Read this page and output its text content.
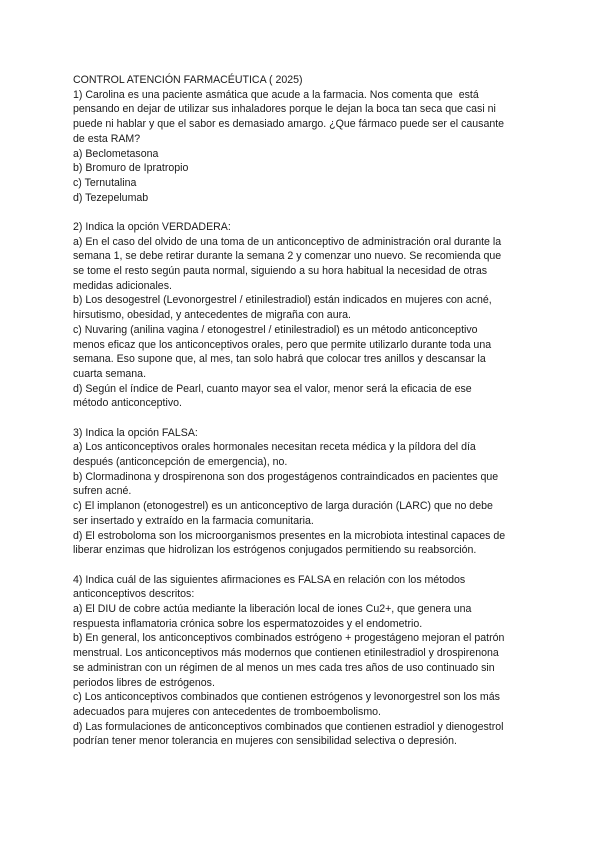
CONTROL ATENCIÓN FARMACÉUTICA ( 2025)
1) Carolina es una paciente asmática que acude a la farmacia. Nos comenta que  está
pensando en dejar de utilizar sus inhaladores porque le dejan la boca tan seca que casi ni
puede ni hablar y que el sabor es demasiado amargo. ¿Que fármaco puede ser el causante
de esta RAM?
a) Beclometasona
b) Bromuro de Ipratropio
c) Ternutalina
d) Tezepelumab
2) Indica la opción VERDADERA:
a) En el caso del olvido de una toma de un anticonceptivo de administración oral durante la
semana 1, se debe retirar durante la semana 2 y comenzar uno nuevo. Se recomienda que
se tome el resto según pauta normal, siguiendo a su hora habitual la necesidad de otras
medidas adicionales.
b) Los desogestrel (Levonorgestrel / etinilestradiol) están indicados en mujeres con acné,
hirsutismo, obesidad, y antecedentes de migraña con aura.
c) Nuvaring (anilina vagina / etonogestrel / etinilestradiol) es un método anticonceptivo
menos eficaz que los anticonceptivos orales, pero que permite utilizarlo durante toda una
semana. Eso supone que, al mes, tan solo habrá que colocar tres anillos y descansar la
cuarta semana.
d) Según el índice de Pearl, cuanto mayor sea el valor, menor será la eficacia de ese
método anticonceptivo.
3) Indica la opción FALSA:
a) Los anticonceptivos orales hormonales necesitan receta médica y la píldora del día
después (anticoncepción de emergencia), no.
b) Clormadinona y drospirenona son dos progestágenos contraindicados en pacientes que
sufren acné.
c) El implanon (etonogestrel) es un anticonceptivo de larga duración (LARC) que no debe
ser insertado y extraído en la farmacia comunitaria.
d) El estroboloma son los microorganismos presentes en la microbiota intestinal capaces de
liberar enzimas que hidrolizan los estrógenos conjugados permitiendo su reabsorción.
4) Indica cuál de las siguientes afirmaciones es FALSA en relación con los métodos
anticonceptivos descritos:
a) El DIU de cobre actúa mediante la liberación local de iones Cu2+, que genera una
respuesta inflamatoria crónica sobre los espermatozoides y el endometrio.
b) En general, los anticonceptivos combinados estrógeno + progestágeno mejoran el patrón
menstrual. Los anticonceptivos más modernos que contienen etinilestradiol y drospirenona
se administran con un régimen de al menos un mes cada tres años de uso continuado sin
periodos libres de estrógenos.
c) Los anticonceptivos combinados que contienen estrógenos y levonorgestrel son los más
adecuados para mujeres con antecedentes de tromboembolismo.
d) Las formulaciones de anticonceptivos combinados que contienen estradiol y dienogestrol
podrían tener menor tolerancia en mujeres con sensibilidad selectiva o depresión.
